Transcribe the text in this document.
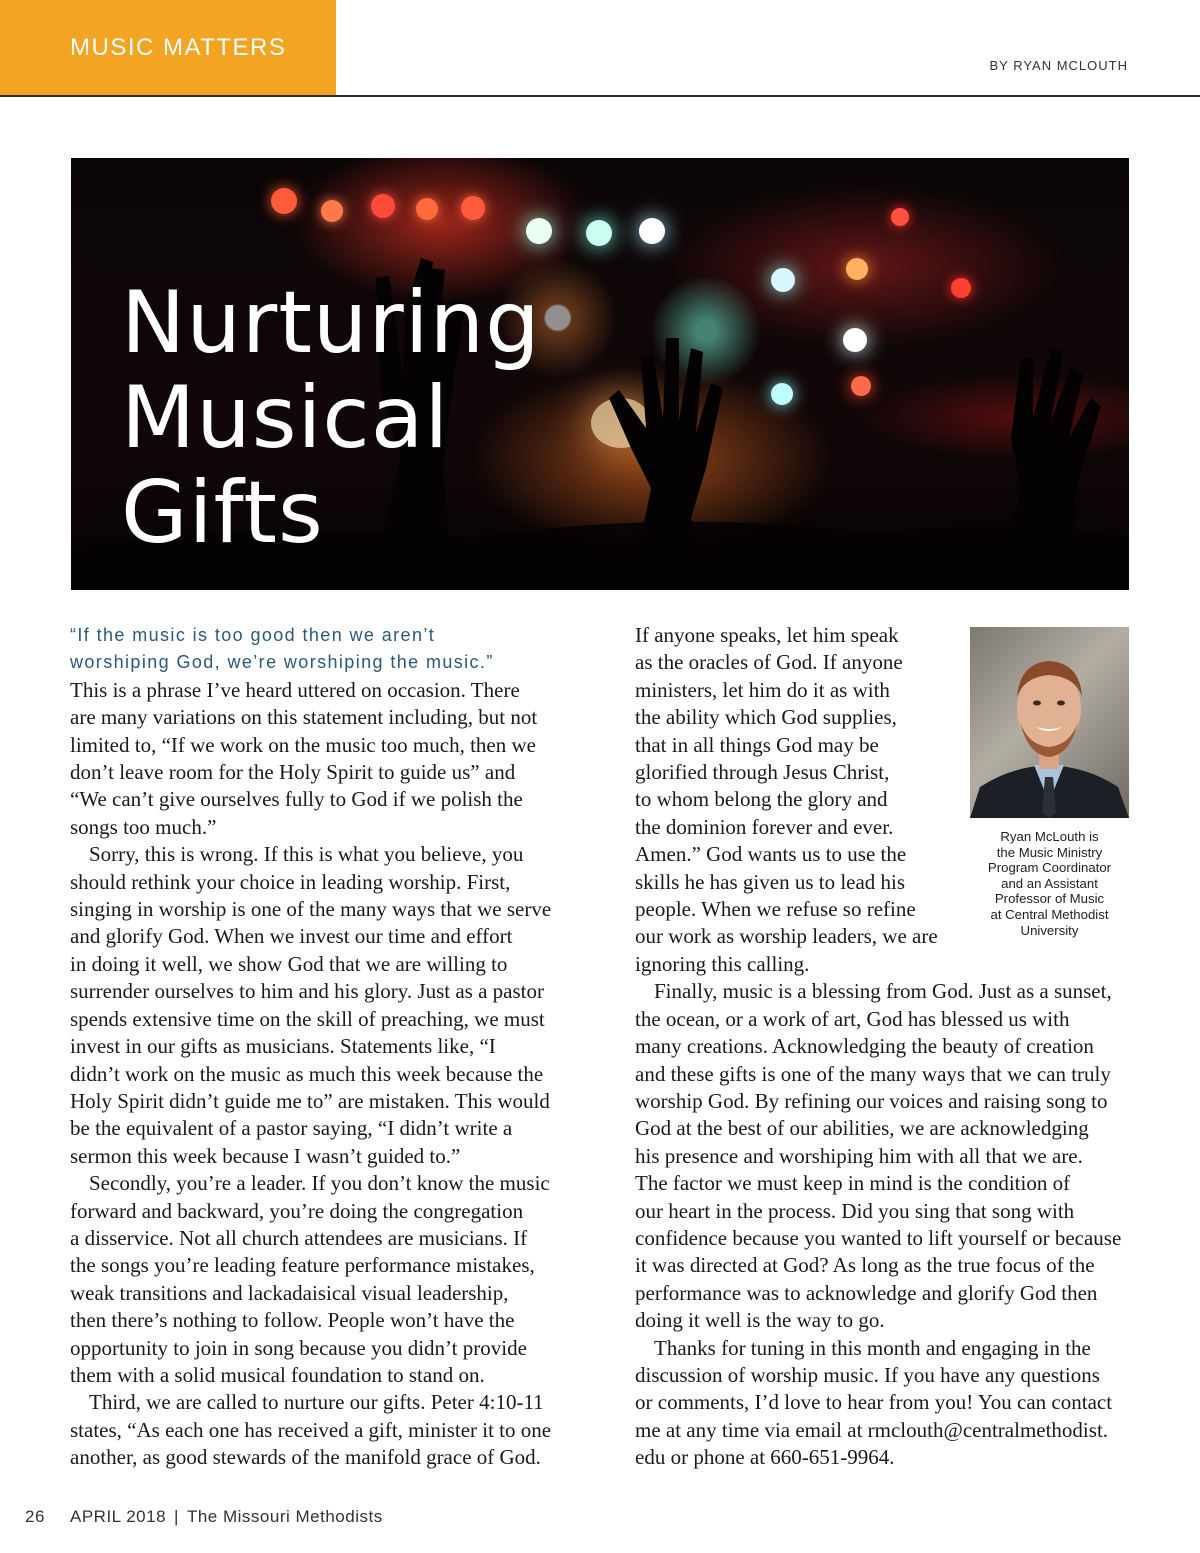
MUSIC MATTERS
BY RYAN MCLOUTH
Nurturing
Musical
Gifts
“If the music is too good then we aren’t
worshiping God, we’re worshiping the music.”

This is a phrase I’ve heard uttered on occasion. There
are many variations on this statement including, but not
limited to, “If we work on the music too much, then we
don’t leave room for the Holy Spirit to guide us” and
“We can’t give ourselves fully to God if we polish the
songs too much.”

Sorry, this is wrong. If this is what you believe, you
should rethink your choice in leading worship. First,
singing in worship is one of the many ways that we serve
and glorify God. When we invest our time and effort
in doing it well, we show God that we are willing to
surrender ourselves to him and his glory. Just as a pastor
spends extensive time on the skill of preaching, we must
invest in our gifts as musicians. Statements like, “I
didn’t work on the music as much this week because the
Holy Spirit didn’t guide me to” are mistaken. This would
be the equivalent of a pastor saying, “I didn’t write a
sermon this week because I wasn’t guided to.”

Secondly, you’re a leader. If you don’t know the music
forward and backward, you’re doing the congregation
a disservice. Not all church attendees are musicians. If
the songs you’re leading feature performance mistakes,
weak transitions and lackadaisical visual leadership,
then there’s nothing to follow. People won’t have the
opportunity to join in song because you didn’t provide
them with a solid musical foundation to stand on.

Third, we are called to nurture our gifts. Peter 4:10-11
states, “As each one has received a gift, minister it to one
another, as good stewards of the manifold grace of God.

If anyone speaks, let him speak
as the oracles of God. If anyone
ministers, let him do it as with
the ability which God supplies,
that in all things God may be
glorified through Jesus Christ,
to whom belong the glory and
the dominion forever and ever.
Amen.” God wants us to use the
skills he has given us to lead his
people. When we refuse so refine
our work as worship leaders, we are
ignoring this calling.

Finally, music is a blessing from God. Just as a sunset,
the ocean, or a work of art, God has blessed us with
many creations. Acknowledging the beauty of creation
and these gifts is one of the many ways that we can truly
worship God. By refining our voices and raising song to
God at the best of our abilities, we are acknowledging
his presence and worshiping him with all that we are.
The factor we must keep in mind is the condition of
our heart in the process. Did you sing that song with
confidence because you wanted to lift yourself or because
it was directed at God? As long as the true focus of the
performance was to acknowledge and glorify God then
doing it well is the way to go.

Thanks for tuning in this month and engaging in the
discussion of worship music. If you have any questions
or comments, I’d love to hear from you! You can contact
me at any time via email at rmclouth@centralmethodist.
edu or phone at 660-651-9964.

Ryan McLouth is
the Music Ministry
Program Coordinator
and an Assistant
Professor of Music
at Central Methodist
University
26 APRIL 2018 | The Missouri Methodists
